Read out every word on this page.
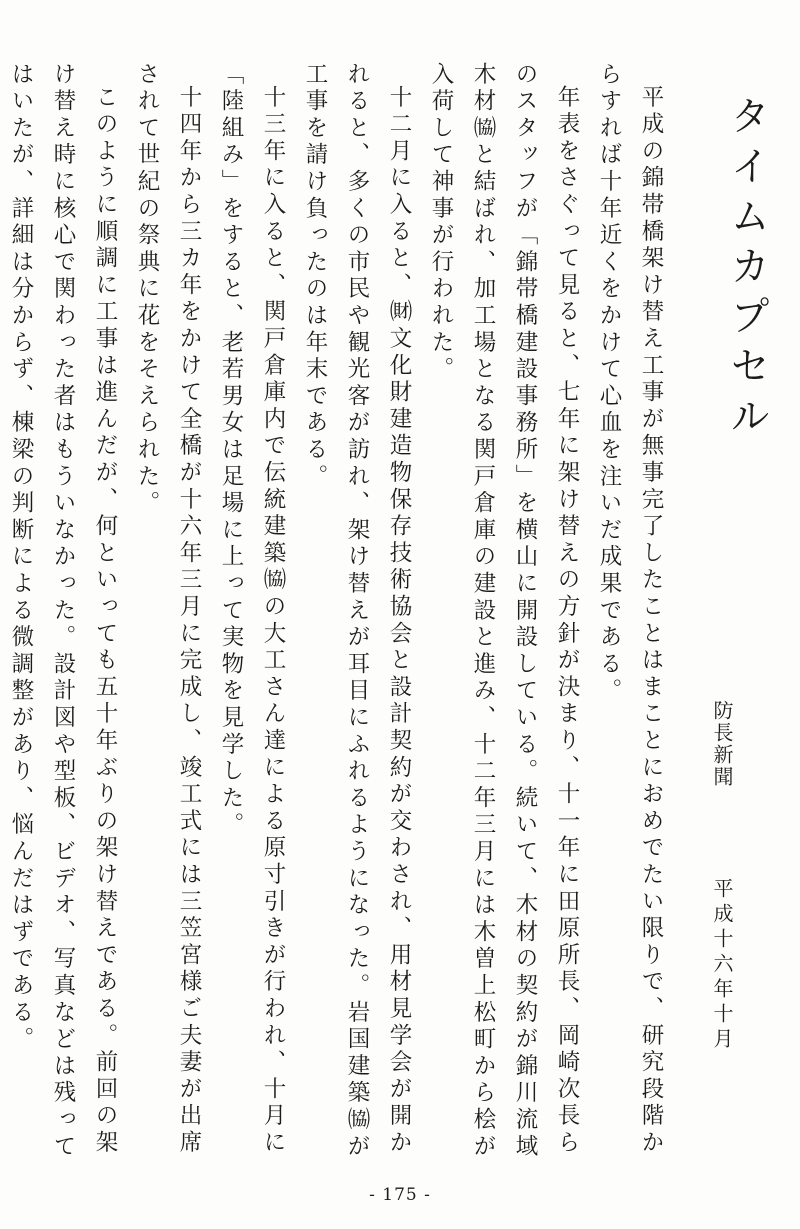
タイムカプセル
防長新聞
平成十六年十月

平成の錦帯橋架け替え工事が無事完了したことはまことにおめでたい限りで、研究段階からすれば十年近くをかけて心血を注いだ成果である。

年表をさぐって見ると、七年に架け替えの方針が決まり、十一年に田原所長、岡崎次長らのスタッフが「錦帯橋建設事務所」を横山に開設している。続いて、木材の契約が錦川流域木材㈿と結ばれ、加工場となる関戸倉庫の建設と進み、十二年三月には木曽上松町から桧が入荷して神事が行われた。

十二月に入ると、㈶文化財建造物保存技術協会と設計契約が交わされ、用材見学会が開かれると、多くの市民や観光客が訪れ、架け替えが耳目にふれるようになった。岩国建築㈿が工事を請け負ったのは年末である。

十三年に入ると、関戸倉庫内で伝統建築㈿の大工さん達による原寸引きが行われ、十月に「陸組み」をすると、老若男女は足場に上って実物を見学した。

十四年から三カ年をかけて全橋が十六年三月に完成し、竣工式には三笠宮様ご夫妻が出席されて世紀の祭典に花をそえられた。

このように順調に工事は進んだが、何といっても五十年ぶりの架け替えである。前回の架け替え時に核心で関わった者はもういなかった。設計図や型板、ビデオ、写真などは残ってはいたが、詳細は分からず、棟梁の判断による微調整があり、悩んだはずである。

- 175 -
